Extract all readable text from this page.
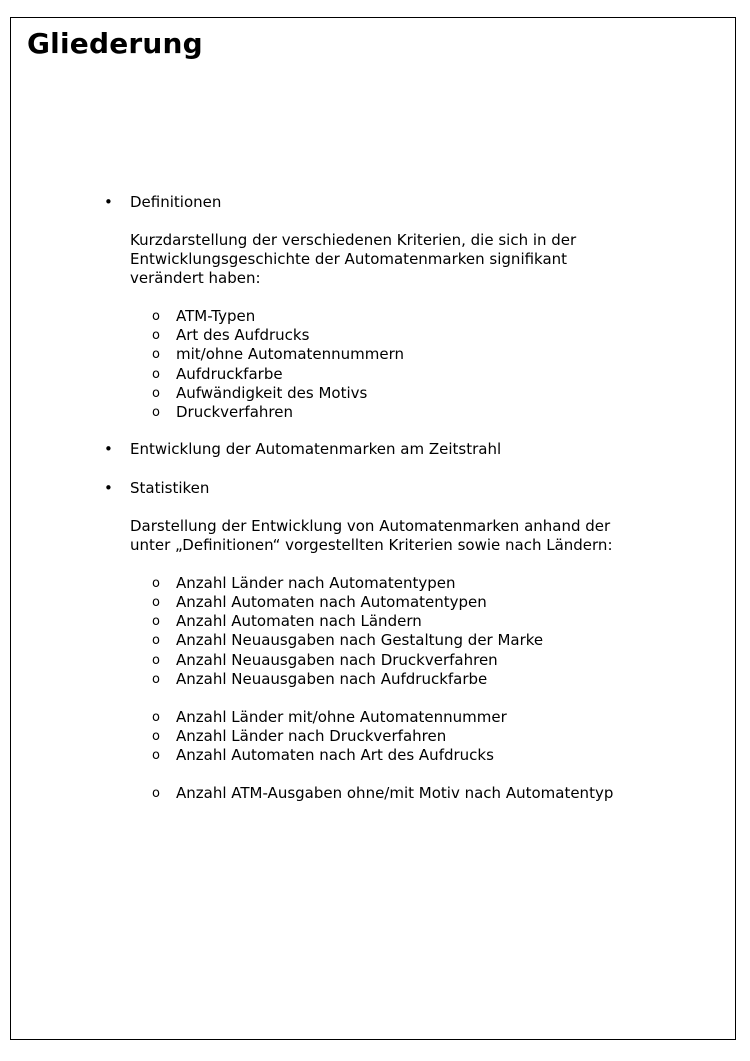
Gliederung
• Definitionen
Kurzdarstellung der verschiedenen Kriterien, die sich in der
Entwicklungsgeschichte der Automatenmarken signifikant
verändert haben:
o ATM-Typen
o Art des Aufdrucks
o mit/ohne Automatennummern
o Aufdruckfarbe
o Aufwändigkeit des Motivs
o Druckverfahren
• Entwicklung der Automatenmarken am Zeitstrahl
• Statistiken
Darstellung der Entwicklung von Automatenmarken anhand der
unter „Definitionen“ vorgestellten Kriterien sowie nach Ländern:
o Anzahl Länder nach Automatentypen
o Anzahl Automaten nach Automatentypen
o Anzahl Automaten nach Ländern
o Anzahl Neuausgaben nach Gestaltung der Marke
o Anzahl Neuausgaben nach Druckverfahren
o Anzahl Neuausgaben nach Aufdruckfarbe
o Anzahl Länder mit/ohne Automatennummer
o Anzahl Länder nach Druckverfahren
o Anzahl Automaten nach Art des Aufdrucks
o Anzahl ATM-Ausgaben ohne/mit Motiv nach Automatentyp
